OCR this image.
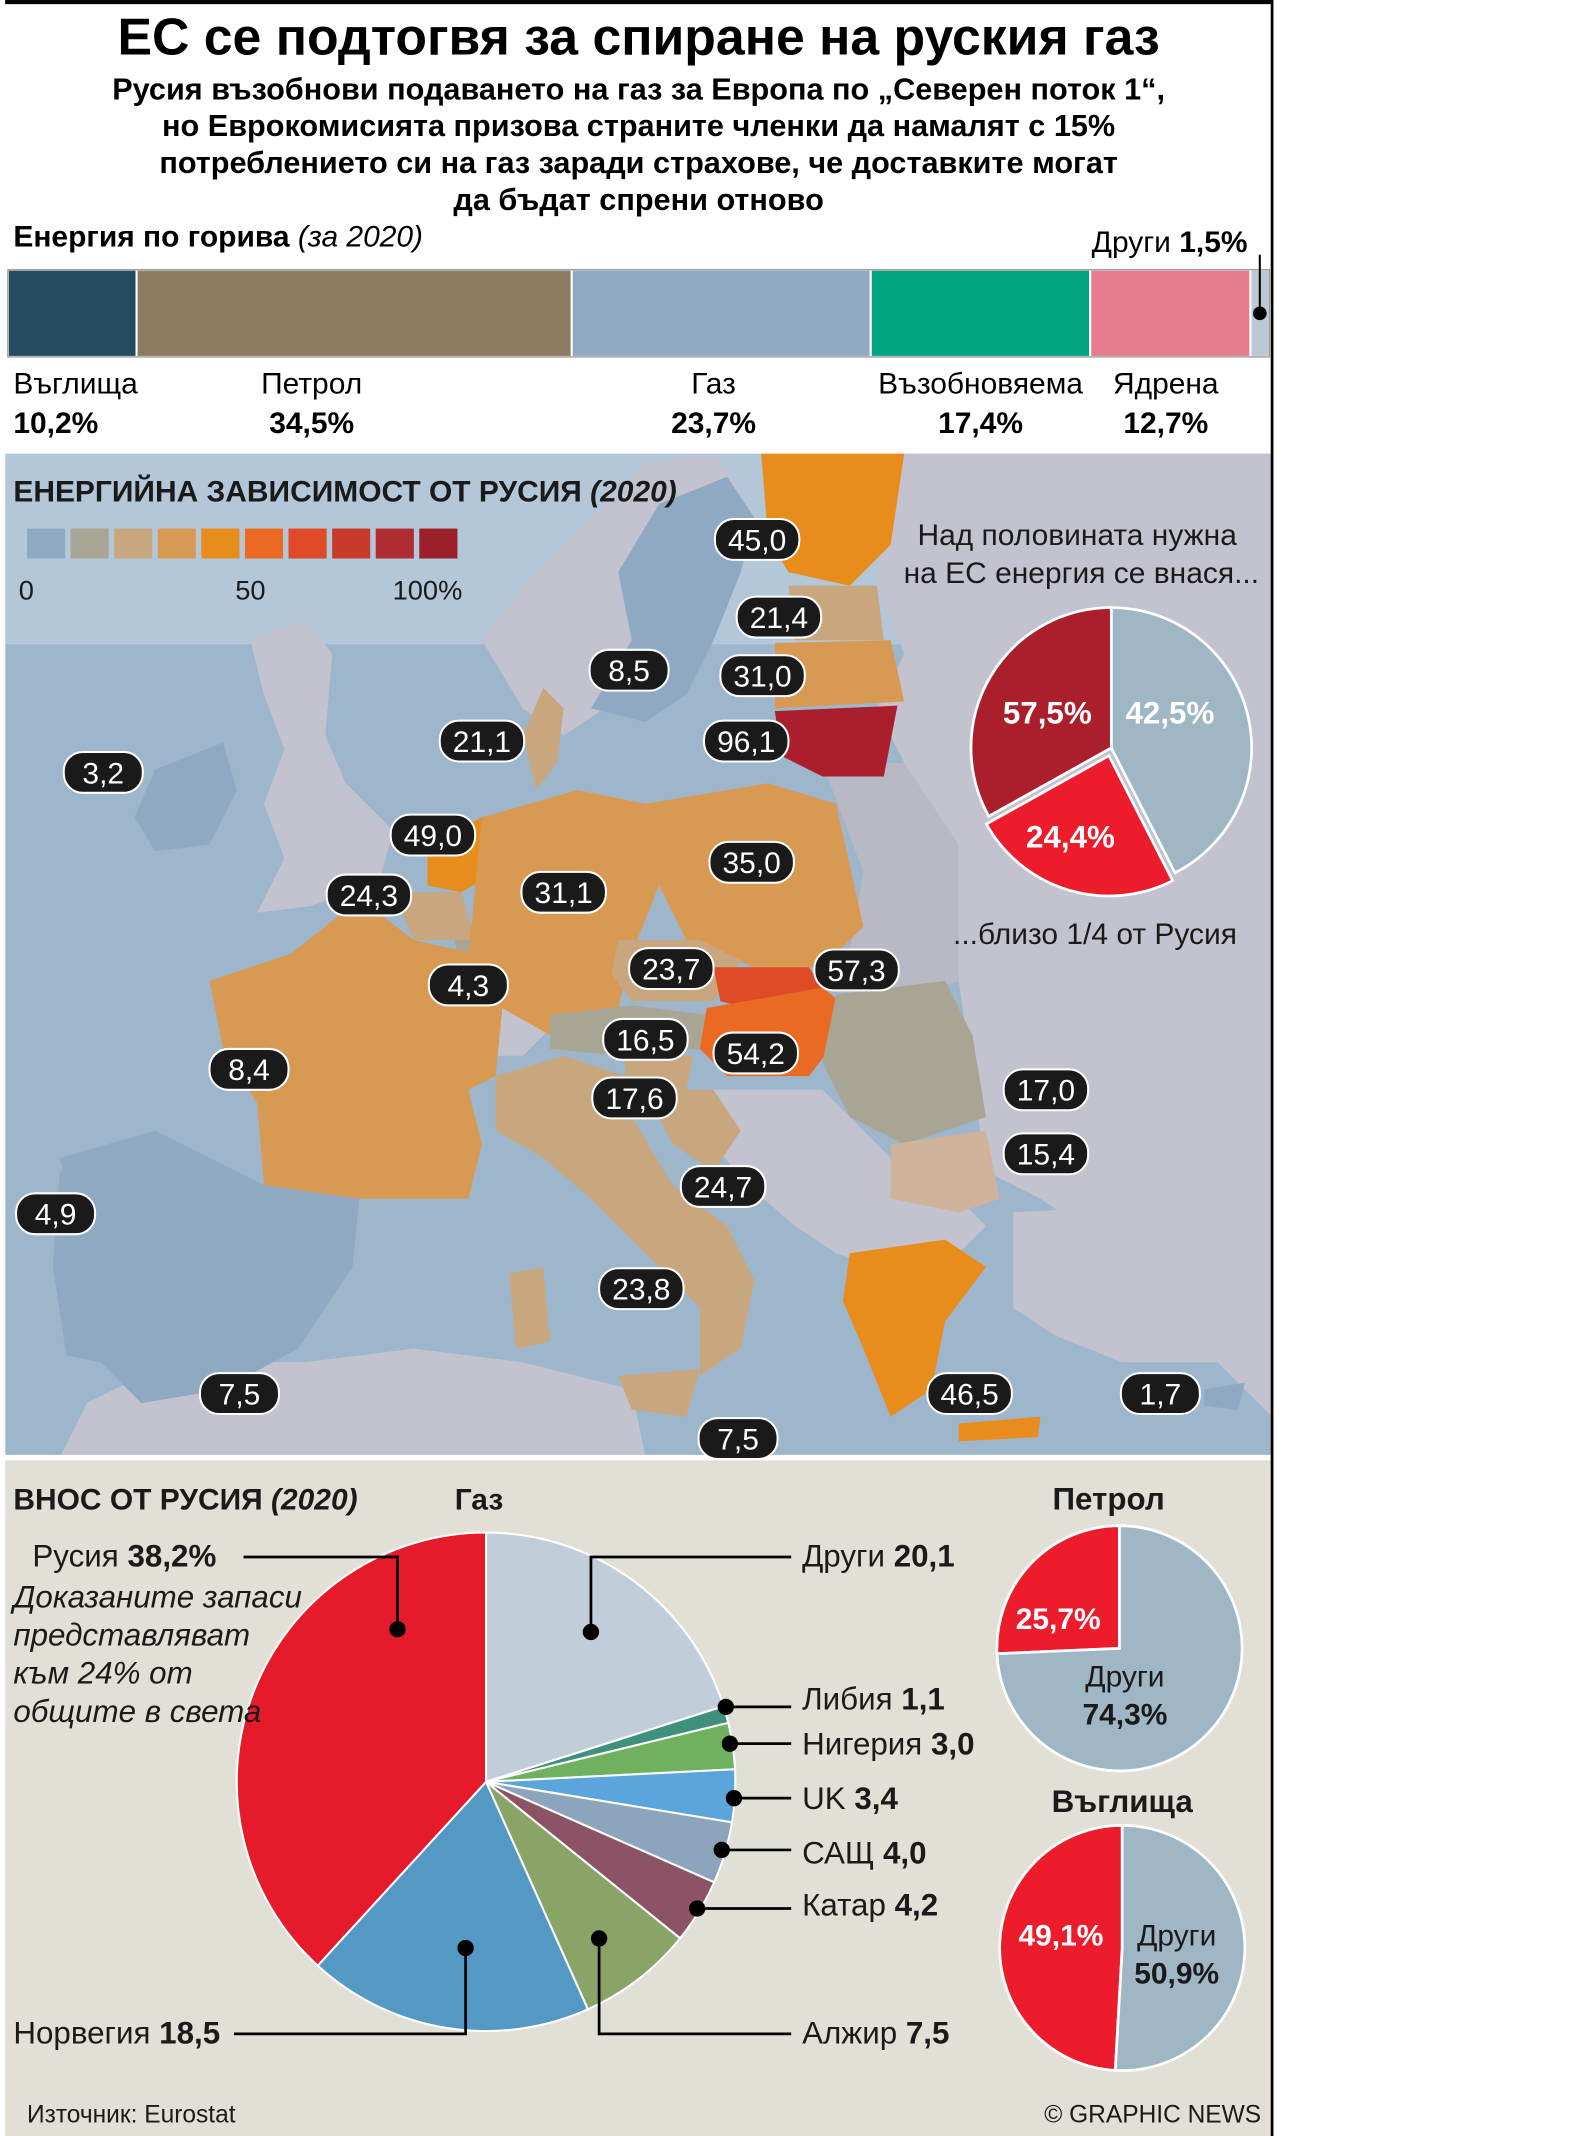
ЕС се подтогвя за спиране на руския газ
Русия възобнови подаването на газ за Европа по „Северен поток 1“,
но Еврокомисията призова страните членки да намалят с 15%
потреблението си на газ заради страхове, че доставките могат
да бъдат спрени отново
Енергия по горива (за 2020)	Други 1,5%
Въглища
10,2%
Петрол
34,5%
Газ
23,7%
Възобновяема
17,4%
Ядрена
12,7%
ЕНЕРГИЙНА ЗАВИСИМОСТ ОТ РУСИЯ (2020)
0	50	100%
45,0
21,4
31,0
8,5
96,1
21,1
3,2
49,0
24,3	31,1
35,0
4,3	23,7	57,3
16,5 54,2
8,4
17,6	17,0
15,4
24,7
4,9
23,8
7,5	46,5	1,7
7,5
Над половината нужна на ЕС енергия се внася...
42,5%
57,5%
24,4%
...близо 1/4 от Русия
ВНОС ОТ РУСИЯ (2020)	Газ
Русия 38,2%
Доказаните запаси
представляват
към 24% от
общите в света
Други 20,1
Либия 1,1
Нигерия 3,0
UK 3,4
САЩ 4,0
Катар 4,2
Алжир 7,5
Норвегия 18,5
Петрол
25,7%
Други
74,3%
Въглища
49,1% Други
50,9%
Източник: Eurostat	© GRAPHIC NEWS
